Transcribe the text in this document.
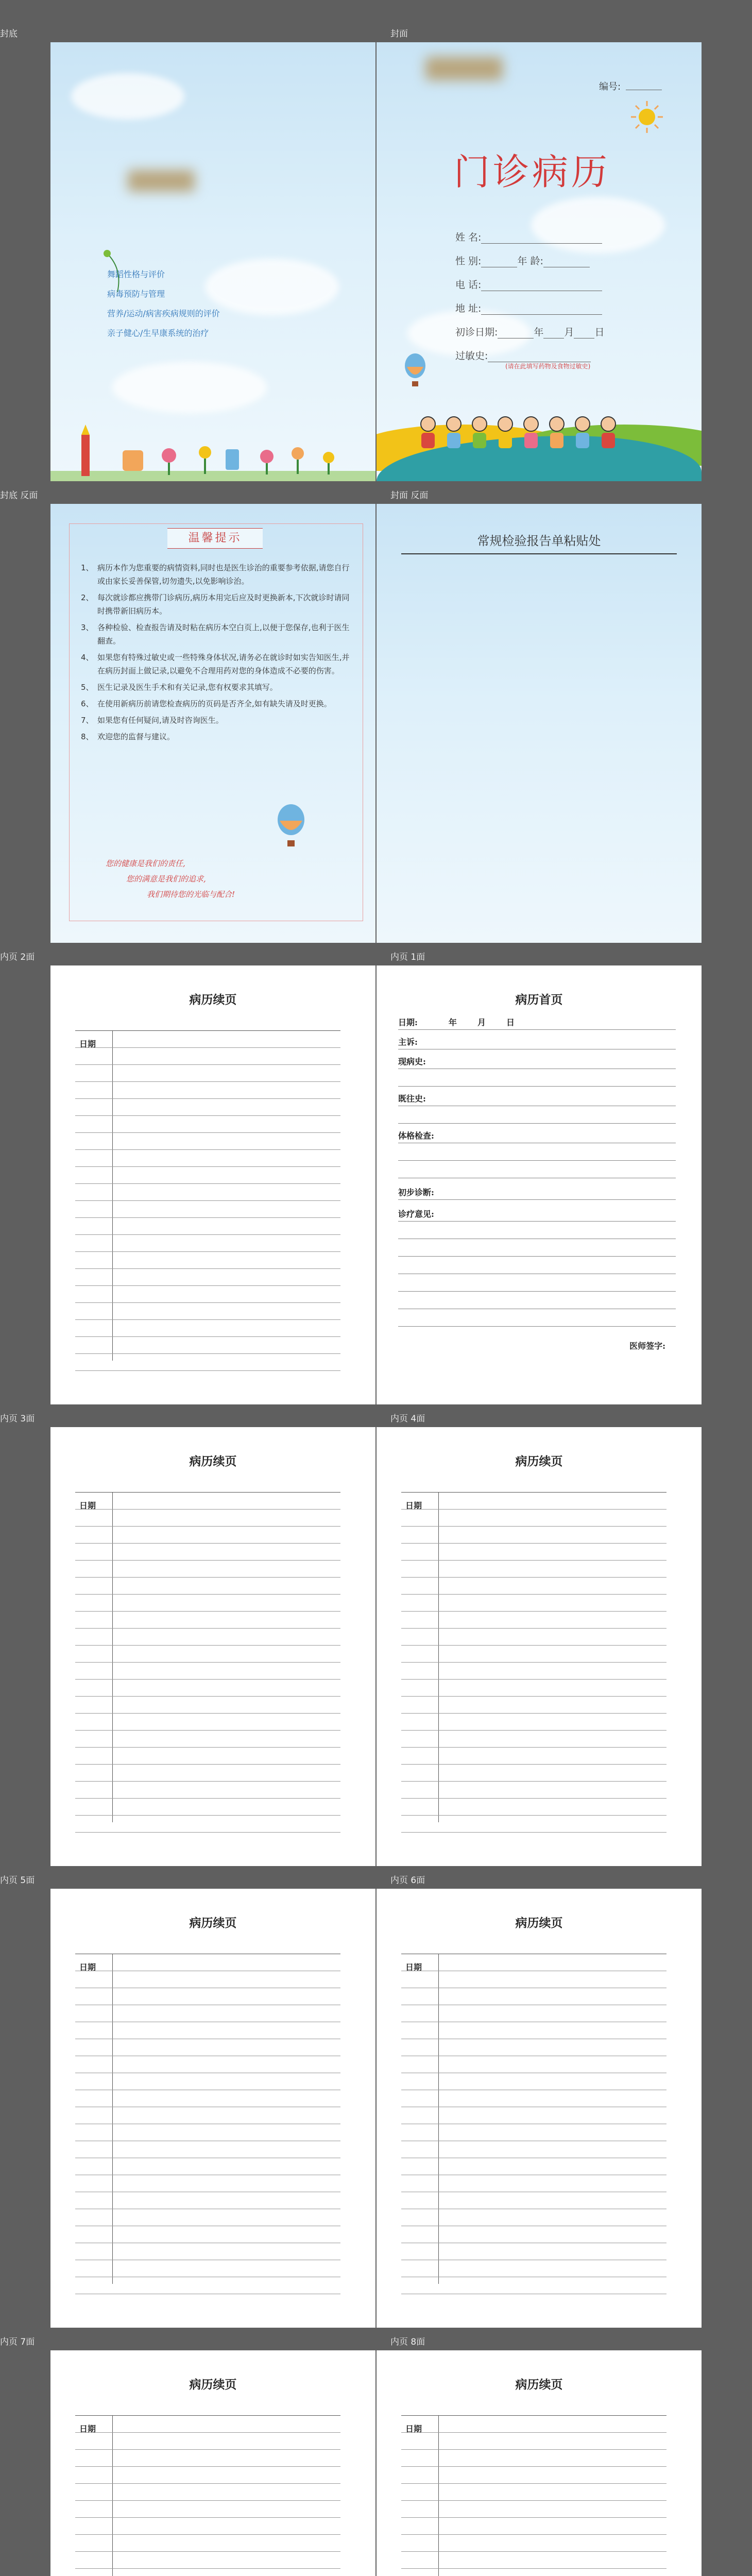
封底	封面
封底 反面	封面 反面
内页 2面	内页 1面
内页 3面	内页 4面
内页 5面	内页 6面
内页 7面	内页 8面
舞蹈性格与评价
病毒预防与管理
营养/运动/病害疾病规则的评价
亲子健心/生早康系统的治疗
编号:
门诊病历
姓 名:
性 别:	年 龄:
电 话:
地 址:
初诊日期:	年 月 日
过敏史:
(请在此填写药物及食物过敏史)
温馨提示
1、 病历本作为您重要的病情资料,同时也是医生诊治的重要参考依据,请您自行或由家长妥善保管,切勿遗失,以免影响诊治。
2、 每次就诊都应携带门诊病历,病历本用完后应及时更换新本,下次就诊时请同时携带新旧病历本。
3、 各种检验、检查报告请及时粘在病历本空白页上,以便于您保存,也利于医生翻查。
4、 如果您有特殊过敏史或一些特殊身体状况,请务必在就诊时如实告知医生,并在病历封面上做记录,以避免不合理用药对您的身体造成不必要的伤害。
5、 医生记录及医生手术和有关记录,您有权要求其填写。
6、 在使用新病历前请您检查病历的页码是否齐全,如有缺失请及时更换。
7、 如果您有任何疑问,请及时咨询医生。
8、 欢迎您的监督与建议。
您的健康是我们的责任,
您的满意是我们的追求,
我们期待您的光临与配合!
常规检验报告单粘贴处
病历续页
日期
病历首页
日期:	年	月	日
主诉:
现病史:
既往史:
体格检查:
初步诊断:
诊疗意见:
医师签字:
病历续页
日期
病历续页
日期
病历续页
日期
病历续页
日期
病历续页
日期
病历续页
日期
